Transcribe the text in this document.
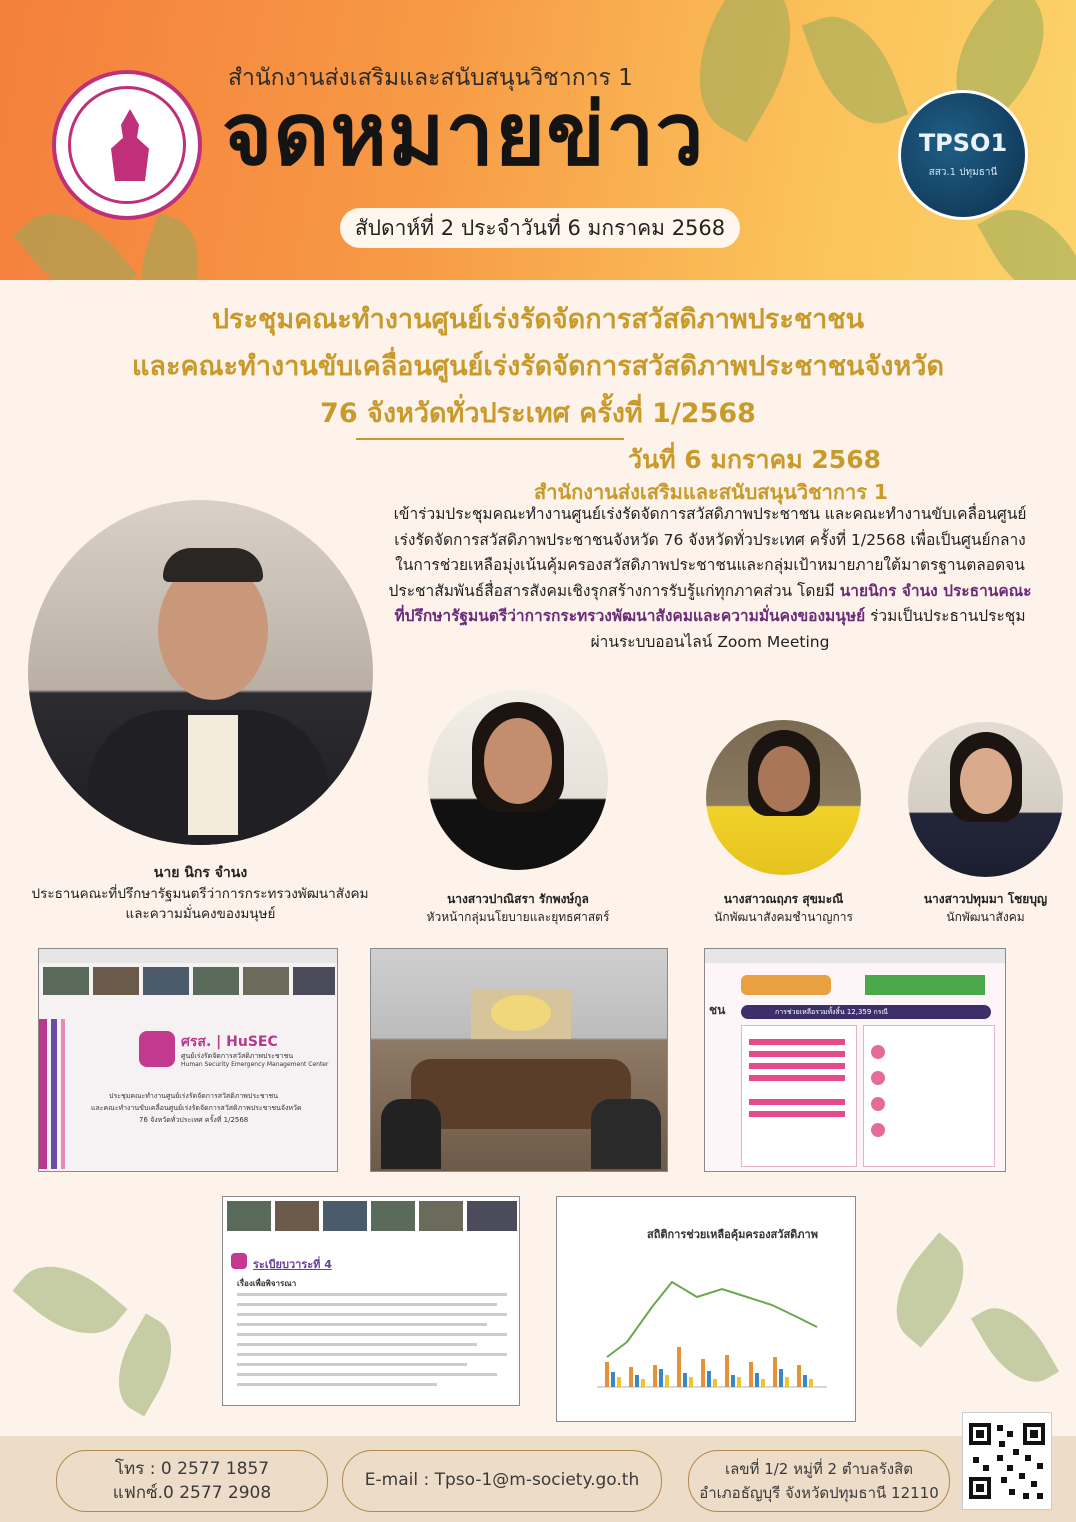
สำนักงานส่งเสริมและสนับสนุนวิชาการ 1
จดหมายข่าว
สัปดาห์ที่ 2 ประจำวันที่ 6 มกราคม 2568
TPSO1
สสว.1 ปทุมธานี
ประชุมคณะทำงานศูนย์เร่งรัดจัดการสวัสดิภาพประชาชน
และคณะทำงานขับเคลื่อนศูนย์เร่งรัดจัดการสวัสดิภาพประชาชนจังหวัด
76 จังหวัดทั่วประเทศ ครั้งที่ 1/2568
วันที่ 6 มกราคม 2568
สำนักงานส่งเสริมและสนับสนุนวิชาการ 1
เข้าร่วมประชุมคณะทำงานศูนย์เร่งรัดจัดการสวัสดิภาพประชาชน และคณะทำงานขับเคลื่อนศูนย์เร่งรัดจัดการสวัสดิภาพประชาชนจังหวัด 76 จังหวัดทั่วประเทศ ครั้งที่ 1/2568 เพื่อเป็นศูนย์กลางในการช่วยเหลือมุ่งเน้นคุ้มครองสวัสดิภาพประชาชนและกลุ่มเป้าหมายภายใต้มาตรฐานตลอดจนประชาสัมพันธ์สื่อสารสังคมเชิงรุกสร้างการรับรู้แก่ทุกภาคส่วน โดยมี นายนิกร จำนง ประธานคณะที่ปรึกษารัฐมนตรีว่าการกระทรวงพัฒนาสังคมและความมั่นคงของมนุษย์ ร่วมเป็นประธานประชุม ผ่านระบบออนไลน์ Zoom Meeting
นาย นิกร จำนง
ประธานคณะที่ปรึกษารัฐมนตรีว่าการกระทรวงพัฒนาสังคม
และความมั่นคงของมนุษย์
นางสาวปาณิสรา รักพงษ์กูล
หัวหน้ากลุ่มนโยบายและยุทธศาสตร์
นางสาวณฤภร สุขมะณี
นักพัฒนาสังคมชำนาญการ
นางสาวปทุมมา โชยบุญ
นักพัฒนาสังคม
ศรส. | HuSEC
ศูนย์เร่งรัดจัดการสวัสดิภาพประชาชน
Human Security Emergency Management Center
ประชุมคณะทำงานศูนย์เร่งรัดจัดการสวัสดิภาพประชาชน
และคณะทำงานขับเคลื่อนศูนย์เร่งรัดจัดการสวัสดิภาพประชาชนจังหวัด
76 จังหวัดทั่วประเทศ ครั้งที่ 1/2568
ชน	การช่วยเหลือรวมทั้งสิ้น 12,359 กรณี
ระเบียบวาระที่ 4
เรื่องเพื่อพิจารณา
สถิติการช่วยเหลือคุ้มครองสวัสดิภาพ
โทร : 0 2577 1857
แฟกซ์.0 2577 2908
E-mail : Tpso-1@m-society.go.th
เลขที่ 1/2 หมู่ที่ 2 ตำบลรังสิต
อำเภอธัญบุรี จังหวัดปทุมธานี 12110
